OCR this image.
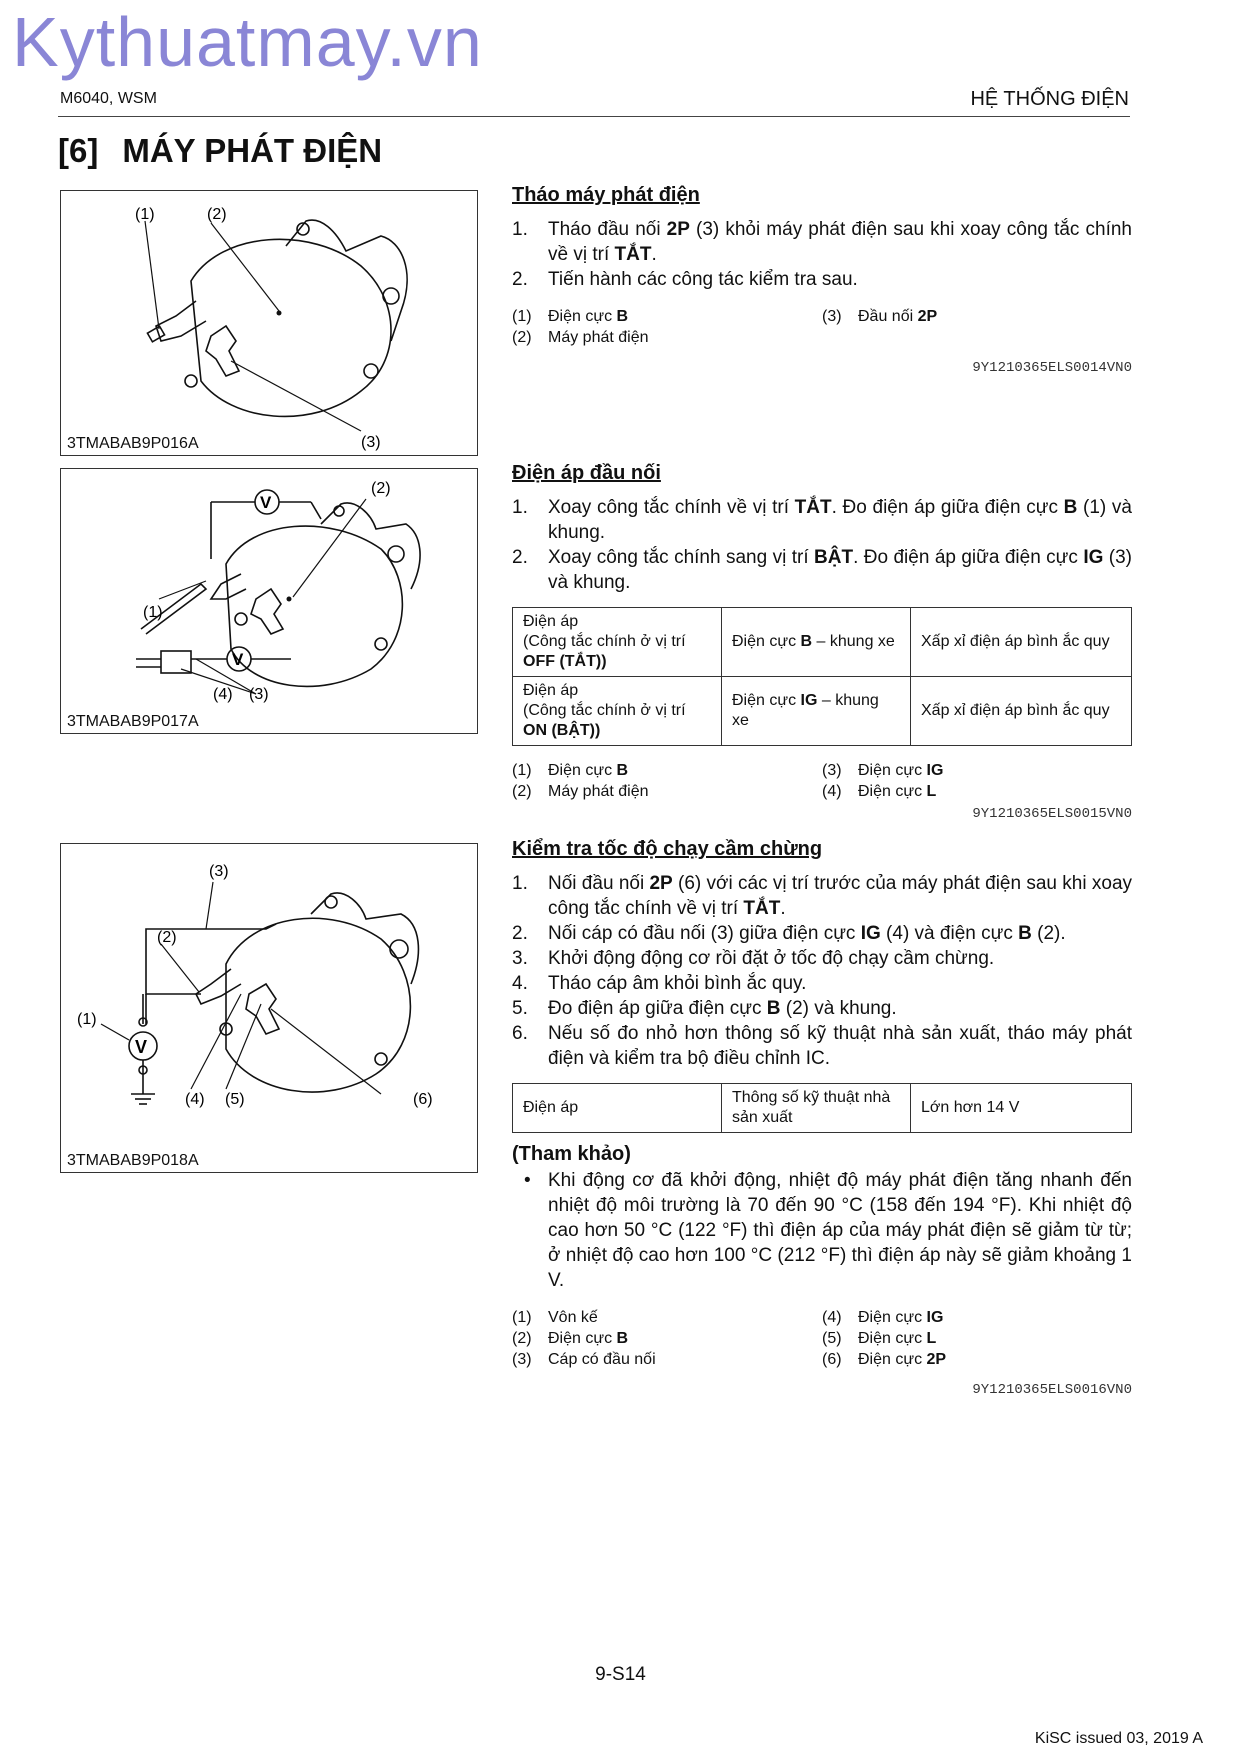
Kythuatmay.vn
M6040, WSM	HỆ THỐNG ĐIỆN
[6] MÁY PHÁT ĐIỆN
(1)	(2)
(3)
3TMABAB9P016A
V
V
(2)
(1)
(4) (3)
3TMABAB9P017A
V
(3)
(2)
(1)
(4) (5)	(6)
3TMABAB9P018A
Tháo máy phát điện
1. Tháo đầu nối 2P (3) khỏi máy phát điện sau khi xoay công tắc chính về vị trí TẮT.
2. Tiến hành các công tác kiểm tra sau.
(1)	Điện cực B	(3)	Đầu nối 2P
(2)	Máy phát điện
9Y1210365ELS0014VN0
Điện áp đầu nối
1. Xoay công tắc chính về vị trí TẮT. Đo điện áp giữa điện cực B (1) và khung.
2. Xoay công tắc chính sang vị trí BẬT. Đo điện áp giữa điện cực IG (3) và khung.
Điện áp
(Công tắc chính ở vị trí
OFF (TẮT))	Điện cực B – khung xe	Xấp xỉ điện áp bình ắc quy
Điện áp
(Công tắc chính ở vị trí
ON (BẬT))	Điện cực IG – khung xe	Xấp xỉ điện áp bình ắc quy
(1)	Điện cực B	(3)	Điện cực IG
(2)	Máy phát điện	(4)	Điện cực L
9Y1210365ELS0015VN0
Kiểm tra tốc độ chạy cầm chừng
1. Nối đầu nối 2P (6) với các vị trí trước của máy phát điện sau khi xoay công tắc chính về vị trí TẮT.
2. Nối cáp có đầu nối (3) giữa điện cực IG (4) và điện cực B (2).
3. Khởi động động cơ rồi đặt ở tốc độ chạy cầm chừng.
4. Tháo cáp âm khỏi bình ắc quy.
5. Đo điện áp giữa điện cực B (2) và khung.
6. Nếu số đo nhỏ hơn thông số kỹ thuật nhà sản xuất, tháo máy phát điện và kiểm tra bộ điều chỉnh IC.
Điện áp	Thông số kỹ thuật nhà sản xuất	Lớn hơn 14 V
(Tham khảo)
• Khi động cơ đã khởi động, nhiệt độ máy phát điện tăng nhanh đến nhiệt độ môi trường là 70 đến 90 °C (158 đến 194 °F). Khi nhiệt độ cao hơn 50 °C (122 °F) thì điện áp của máy phát điện sẽ giảm từ từ; ở nhiệt độ cao hơn 100 °C (212 °F) thì điện áp này sẽ giảm khoảng 1 V.
(1)	Vôn kế	(4)	Điện cực IG
(2)	Điện cực B	(5)	Điện cực L
(3)	Cáp có đầu nối	(6)	Điện cực 2P
9Y1210365ELS0016VN0
9-S14
KiSC issued 03, 2019 A
